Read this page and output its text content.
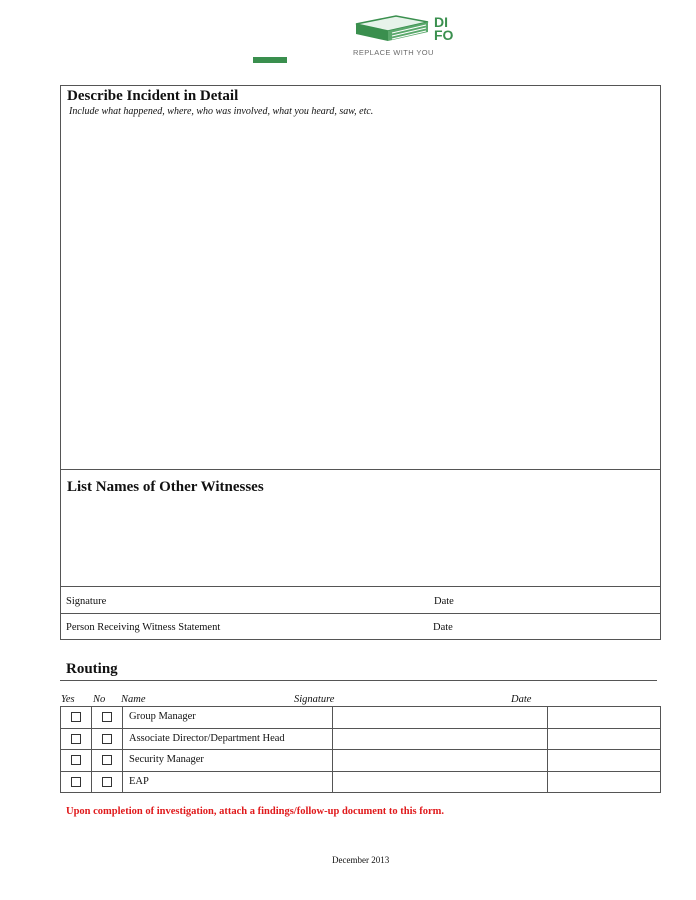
DI
FO
REPLACE WITH YOU
Describe Incident in Detail
Include what happened, where, who was involved, what you heard, saw, etc.
List Names of Other Witnesses
Signature	Date
Person Receiving Witness Statement	Date
Routing
Yes No Name	Signature	Date
Group Manager
Associate Director/Department Head
Security Manager
EAP
Upon completion of investigation, attach a findings/follow-up document to this form.
December 2013
